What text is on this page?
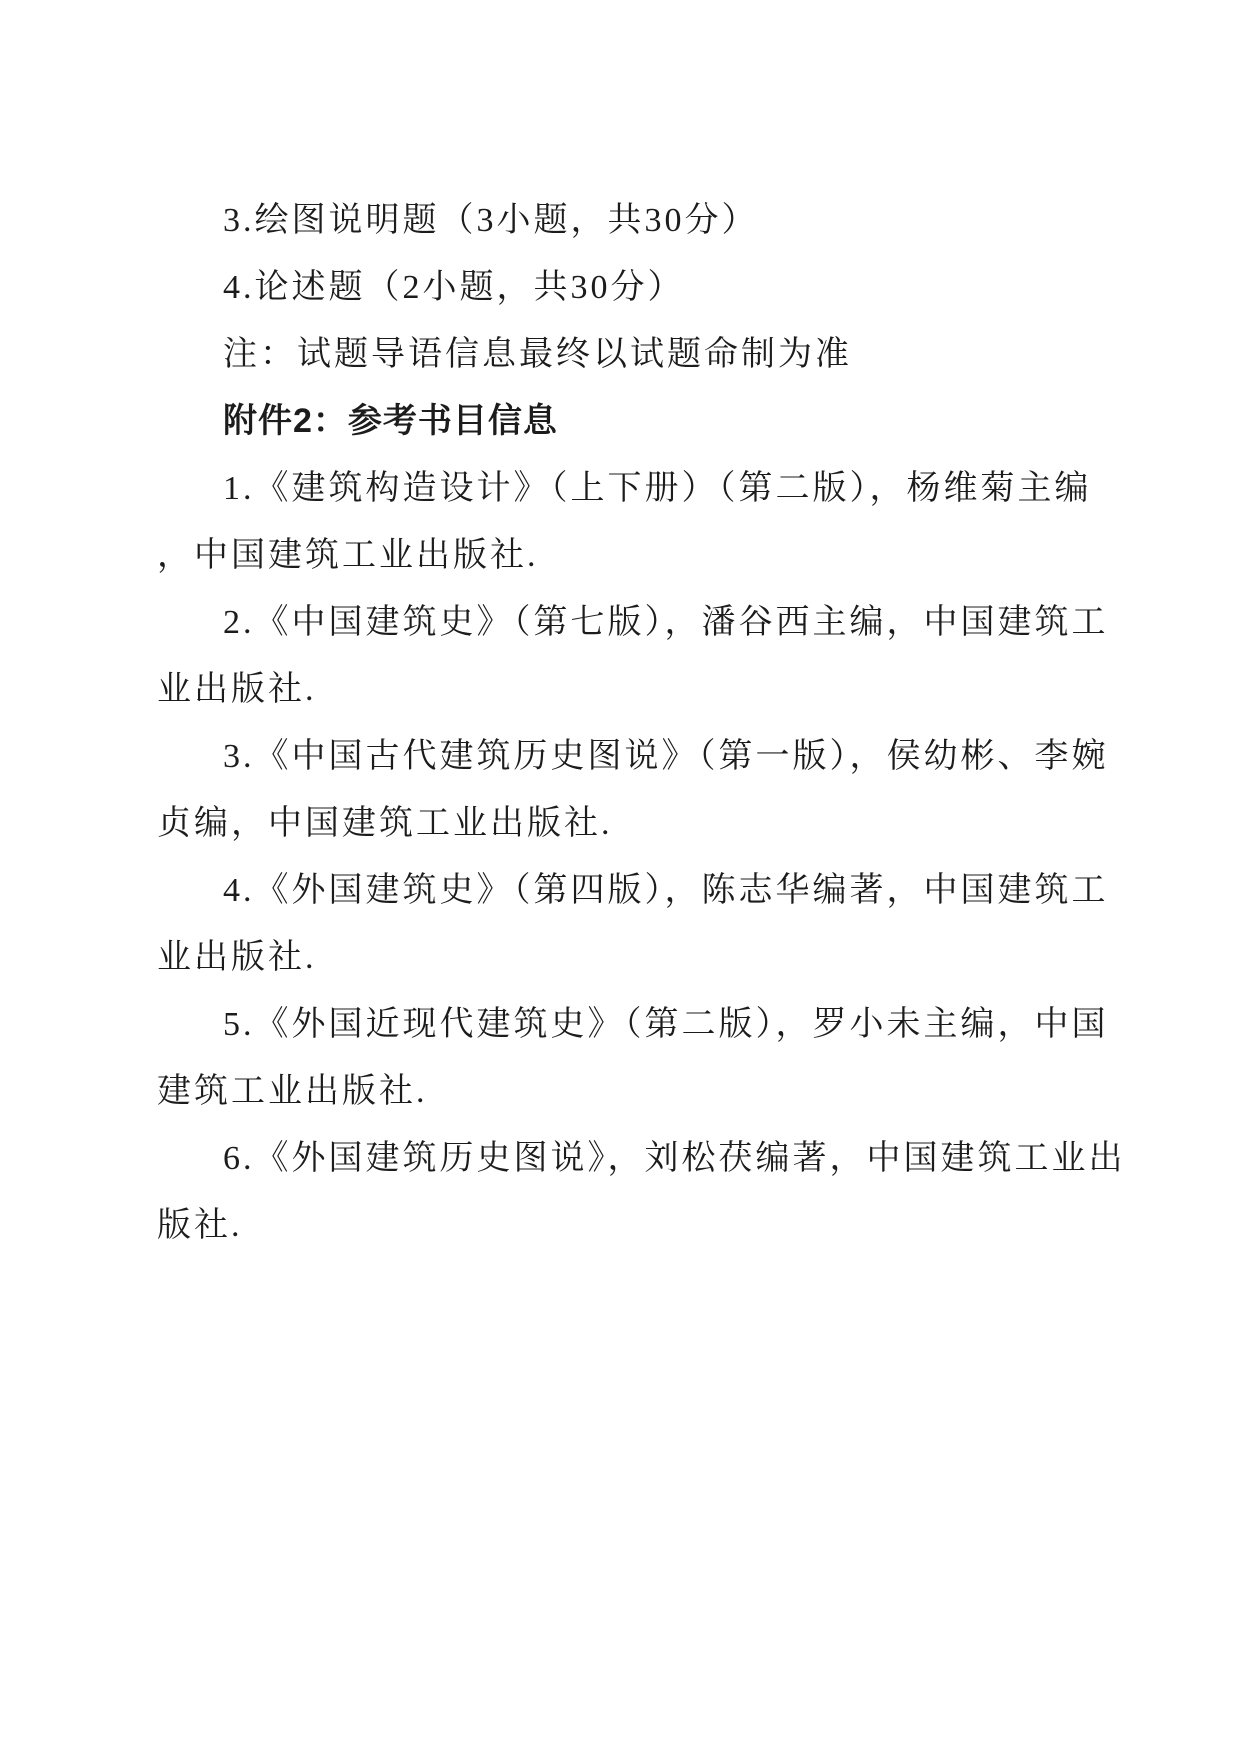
3.绘图说明题（3小题，共30分）
4.论述题（2小题，共30分）
注：试题导语信息最终以试题命制为准
附件2：参考书目信息
1.《建筑构造设计》（上下册）（第二版），杨维菊主编
，中国建筑工业出版社.
2.《中国建筑史》（第七版），潘谷西主编，中国建筑工
业出版社.
3.《中国古代建筑历史图说》（第一版），侯幼彬、李婉
贞编，中国建筑工业出版社.
4.《外国建筑史》（第四版），陈志华编著，中国建筑工
业出版社.
5.《外国近现代建筑史》（第二版），罗小未主编，中国
建筑工业出版社.
6.《外国建筑历史图说》，刘松茯编著，中国建筑工业出
版社.
